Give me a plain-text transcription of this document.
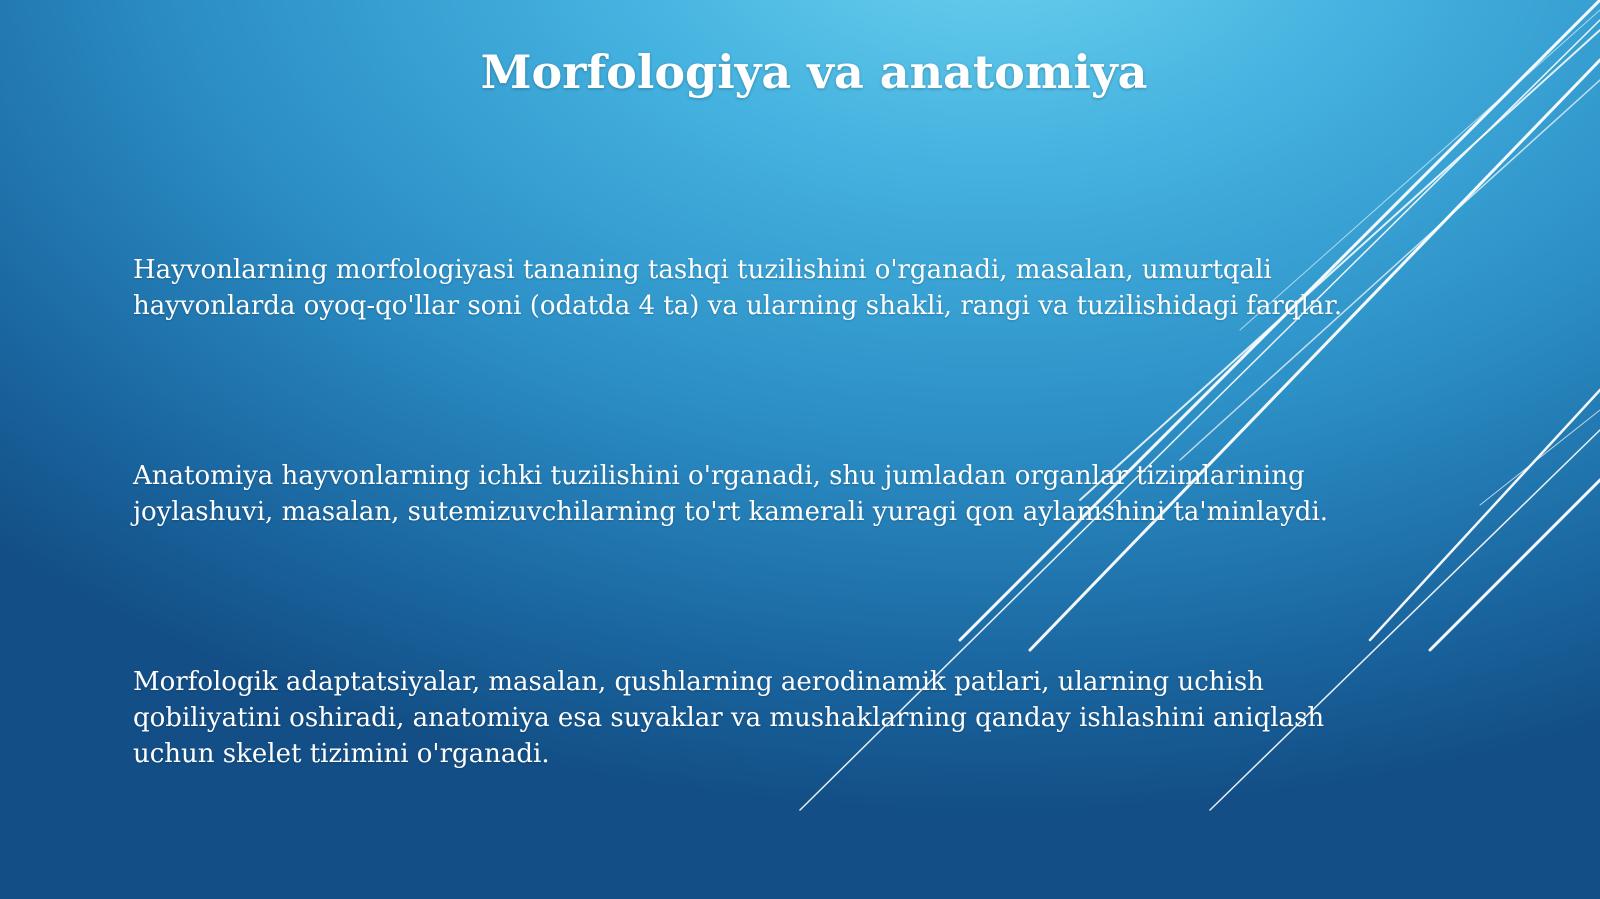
Morfologiya va anatomiya
Hayvonlarning morfologiyasi tananing tashqi tuzilishini o'rganadi, masalan, umurtqali
hayvonlarda oyoq-qo'llar soni (odatda 4 ta) va ularning shakli, rangi va tuzilishidagi farqlar.
Anatomiya hayvonlarning ichki tuzilishini o'rganadi, shu jumladan organlar tizimlarining
joylashuvi, masalan, sutemizuvchilarning to'rt kamerali yuragi qon aylanishini ta'minlaydi.
Morfologik adaptatsiyalar, masalan, qushlarning aerodinamik patlari, ularning uchish
qobiliyatini oshiradi, anatomiya esa suyaklar va mushaklarning qanday ishlashini aniqlash
uchun skelet tizimini o'rganadi.
